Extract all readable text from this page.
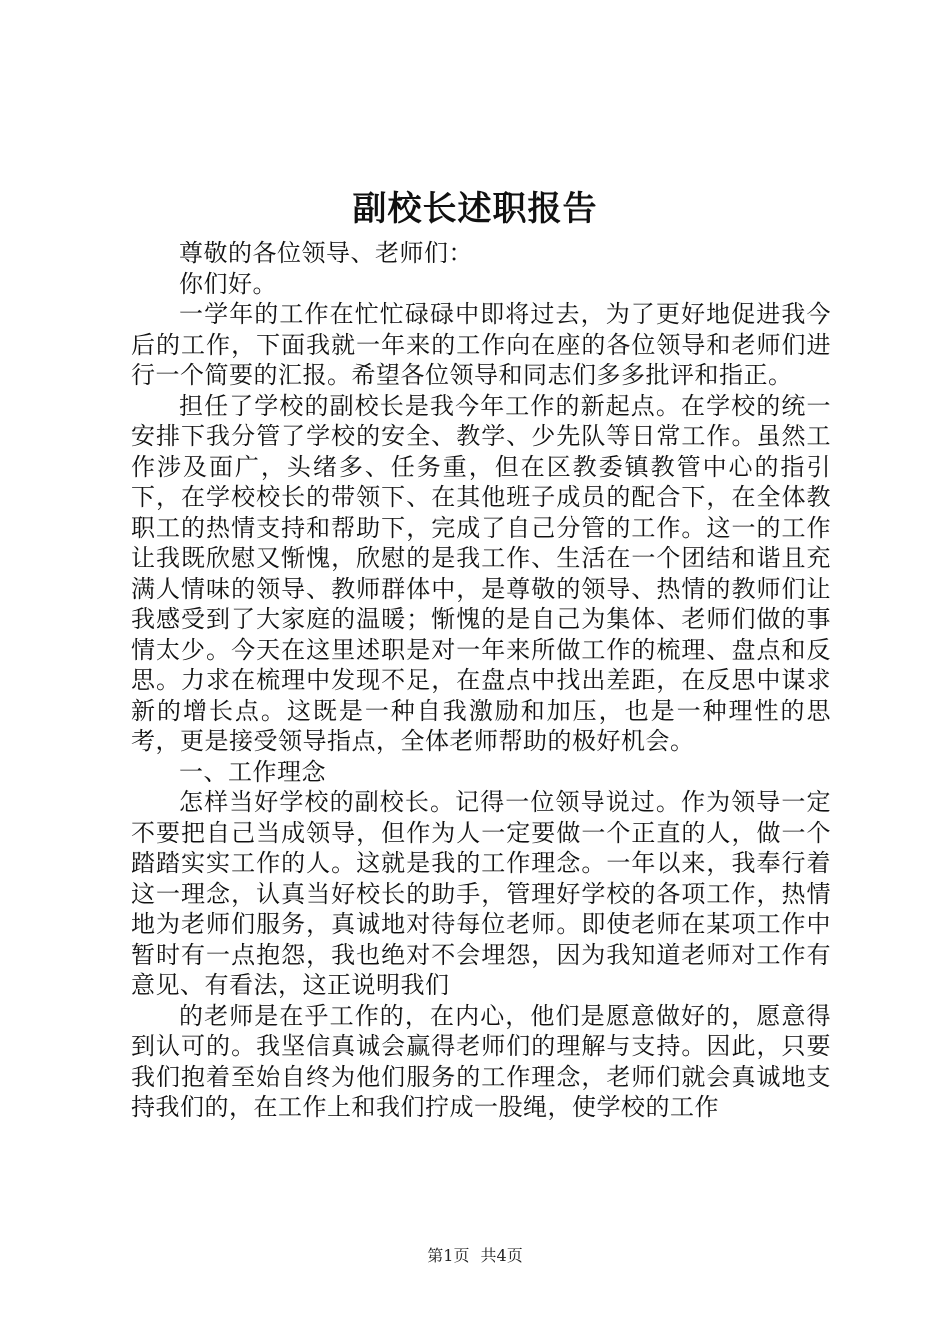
副校长述职报告

尊敬的各位领导、老师们：

你们好。

一学年的工作在忙忙碌碌中即将过去，为了更好地促进我今后的工作，下面我就一年来的工作向在座的各位领导和老师们进行一个简要的汇报。希望各位领导和同志们多多批评和指正。

担任了学校的副校长是我今年工作的新起点。在学校的统一安排下我分管了学校的安全、教学、少先队等日常工作。虽然工作涉及面广，头绪多、任务重，但在区教委镇教管中心的指引下，在学校校长的带领下、在其他班子成员的配合下，在全体教职工的热情支持和帮助下，完成了自己分管的工作。这一的工作让我既欣慰又惭愧，欣慰的是我工作、生活在一个团结和谐且充满人情味的领导、教师群体中，是尊敬的领导、热情的教师们让我感受到了大家庭的温暖；惭愧的是自己为集体、老师们做的事情太少。今天在这里述职是对一年来所做工作的梳理、盘点和反思。力求在梳理中发现不足，在盘点中找出差距，在反思中谋求新的增长点。这既是一种自我激励和加压，也是一种理性的思考，更是接受领导指点，全体老师帮助的极好机会。

一、工作理念

怎样当好学校的副校长。记得一位领导说过。作为领导一定不要把自己当成领导，但作为人一定要做一个正直的人，做一个踏踏实实工作的人。这就是我的工作理念。一年以来，我奉行着这一理念，认真当好校长的助手，管理好学校的各项工作，热情地为老师们服务，真诚地对待每位老师。即使老师在某项工作中暂时有一点抱怨，我也绝对不会埋怨，因为我知道老师对工作有意见、有看法，这正说明我们

的老师是在乎工作的，在内心，他们是愿意做好的，愿意得到认可的。我坚信真诚会赢得老师们的理解与支持。因此，只要我们抱着至始自终为他们服务的工作理念，老师们就会真诚地支持我们的，在工作上和我们拧成一股绳，使学校的工作

第1页 共4页
